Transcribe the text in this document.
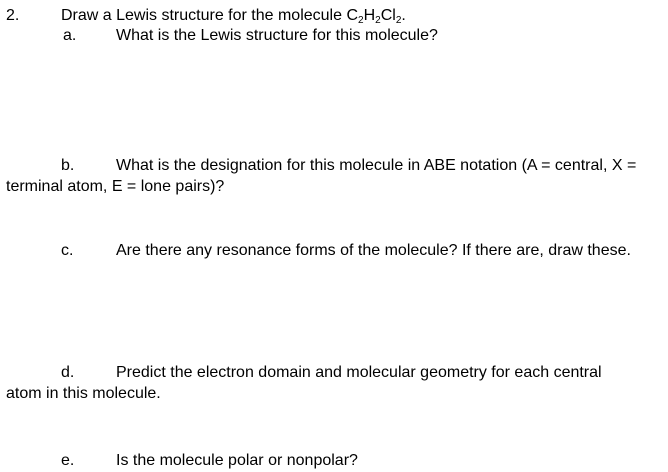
2.	Draw a Lewis structure for the molecule $C_2H_2Cl_2$.
a. What is the Lewis structure for this molecule?
b.	What is the designation for this molecule in ABE notation (A = central, X =
terminal atom, E = lone pairs)?
c.	Are there any resonance forms of the molecule? If there are, draw these.
d.	Predict the electron domain and molecular geometry for each central
atom in this molecule.
e.	Is the molecule polar or nonpolar?
